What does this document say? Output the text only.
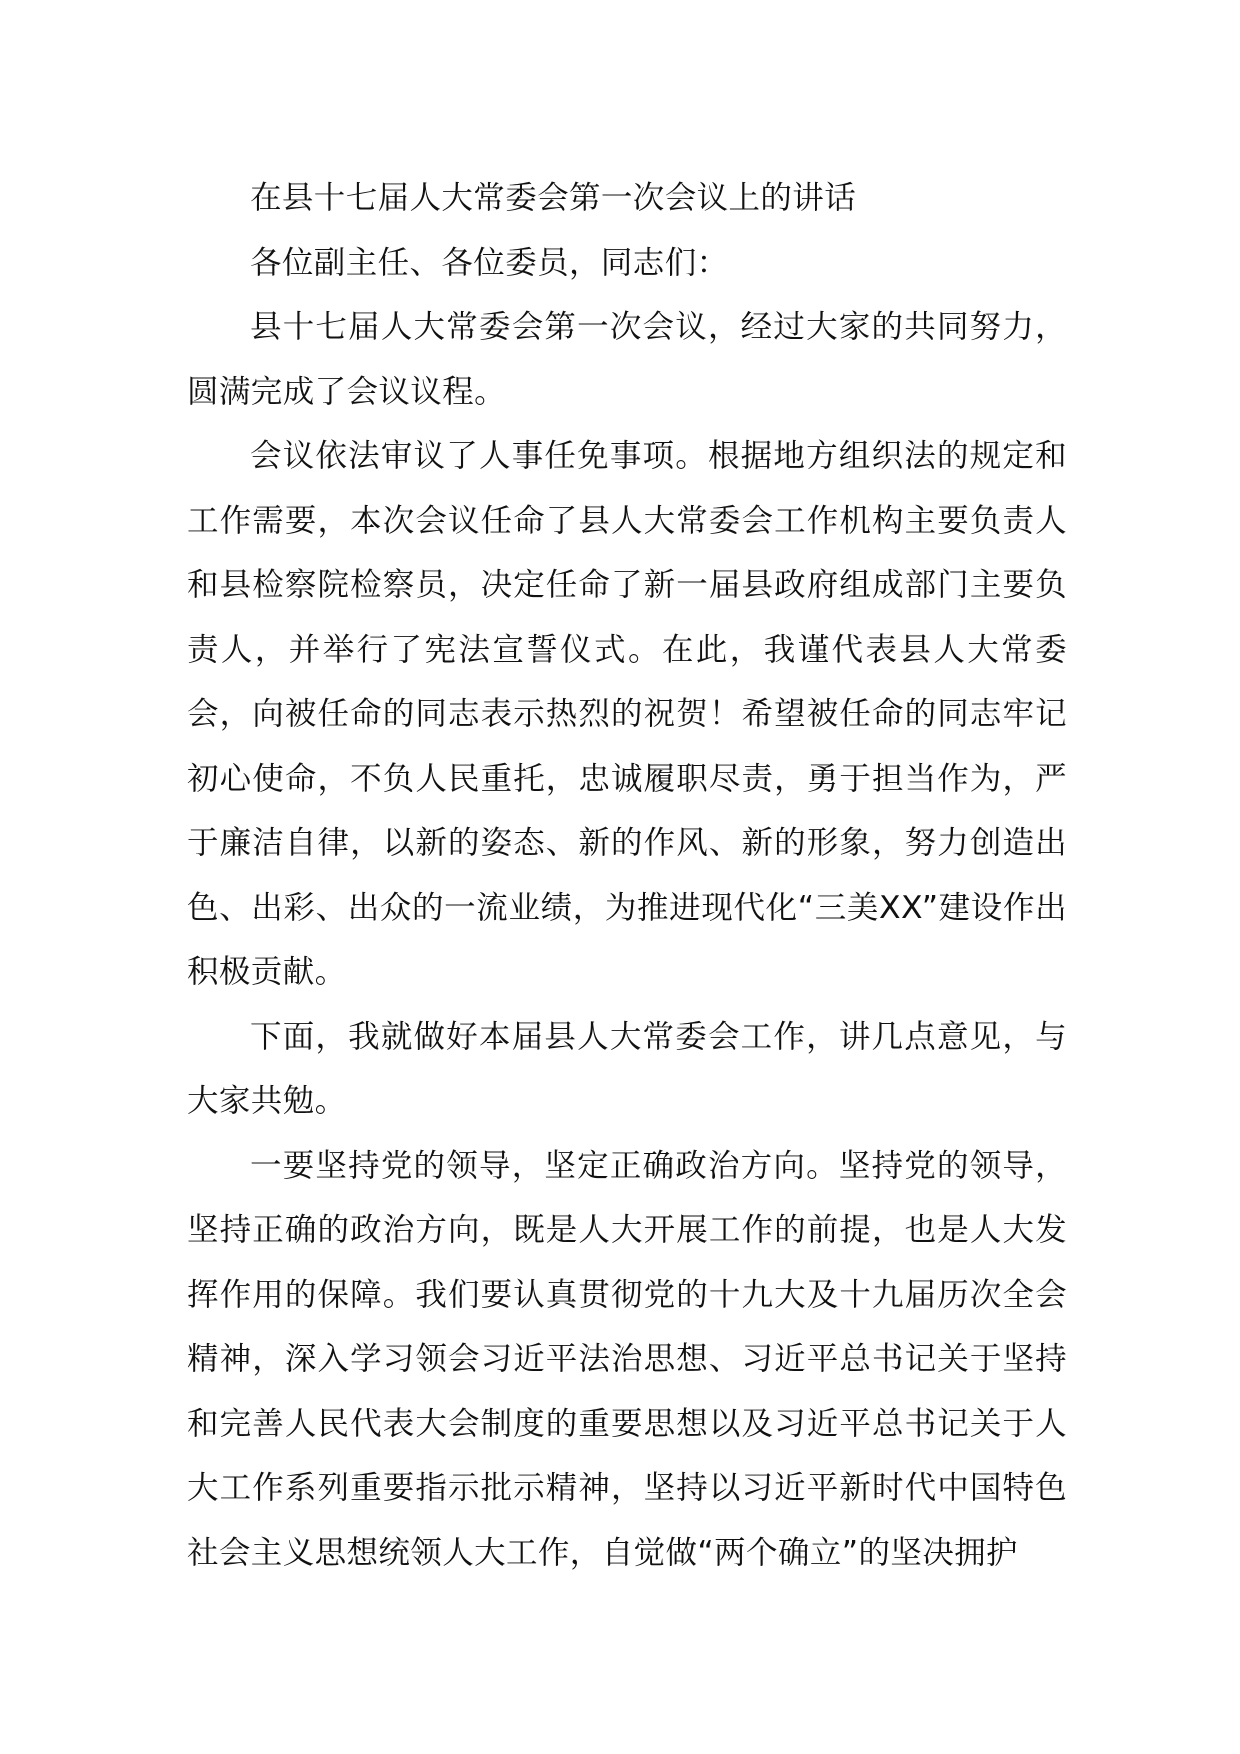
在县十七届人大常委会第一次会议上的讲话

各位副主任、各位委员，同志们：

县十七届人大常委会第一次会议，经过大家的共同努力，圆满完成了会议议程。

会议依法审议了人事任免事项。根据地方组织法的规定和工作需要，本次会议任命了县人大常委会工作机构主要负责人和县检察院检察员，决定任命了新一届县政府组成部门主要负责人，并举行了宪法宣誓仪式。在此，我谨代表县人大常委会，向被任命的同志表示热烈的祝贺！希望被任命的同志牢记初心使命，不负人民重托，忠诚履职尽责，勇于担当作为，严于廉洁自律，以新的姿态、新的作风、新的形象，努力创造出色、出彩、出众的一流业绩，为推进现代化“三美XX”建设作出积极贡献。

下面，我就做好本届县人大常委会工作，讲几点意见，与大家共勉。

一要坚持党的领导，坚定正确政治方向。坚持党的领导，坚持正确的政治方向，既是人大开展工作的前提，也是人大发挥作用的保障。我们要认真贯彻党的十九大及十九届历次全会精神，深入学习领会习近平法治思想、习近平总书记关于坚持和完善人民代表大会制度的重要思想以及习近平总书记关于人大工作系列重要指示批示精神，坚持以习近平新时代中国特色社会主义思想统领人大工作，自觉做“两个确立”的坚决拥护
